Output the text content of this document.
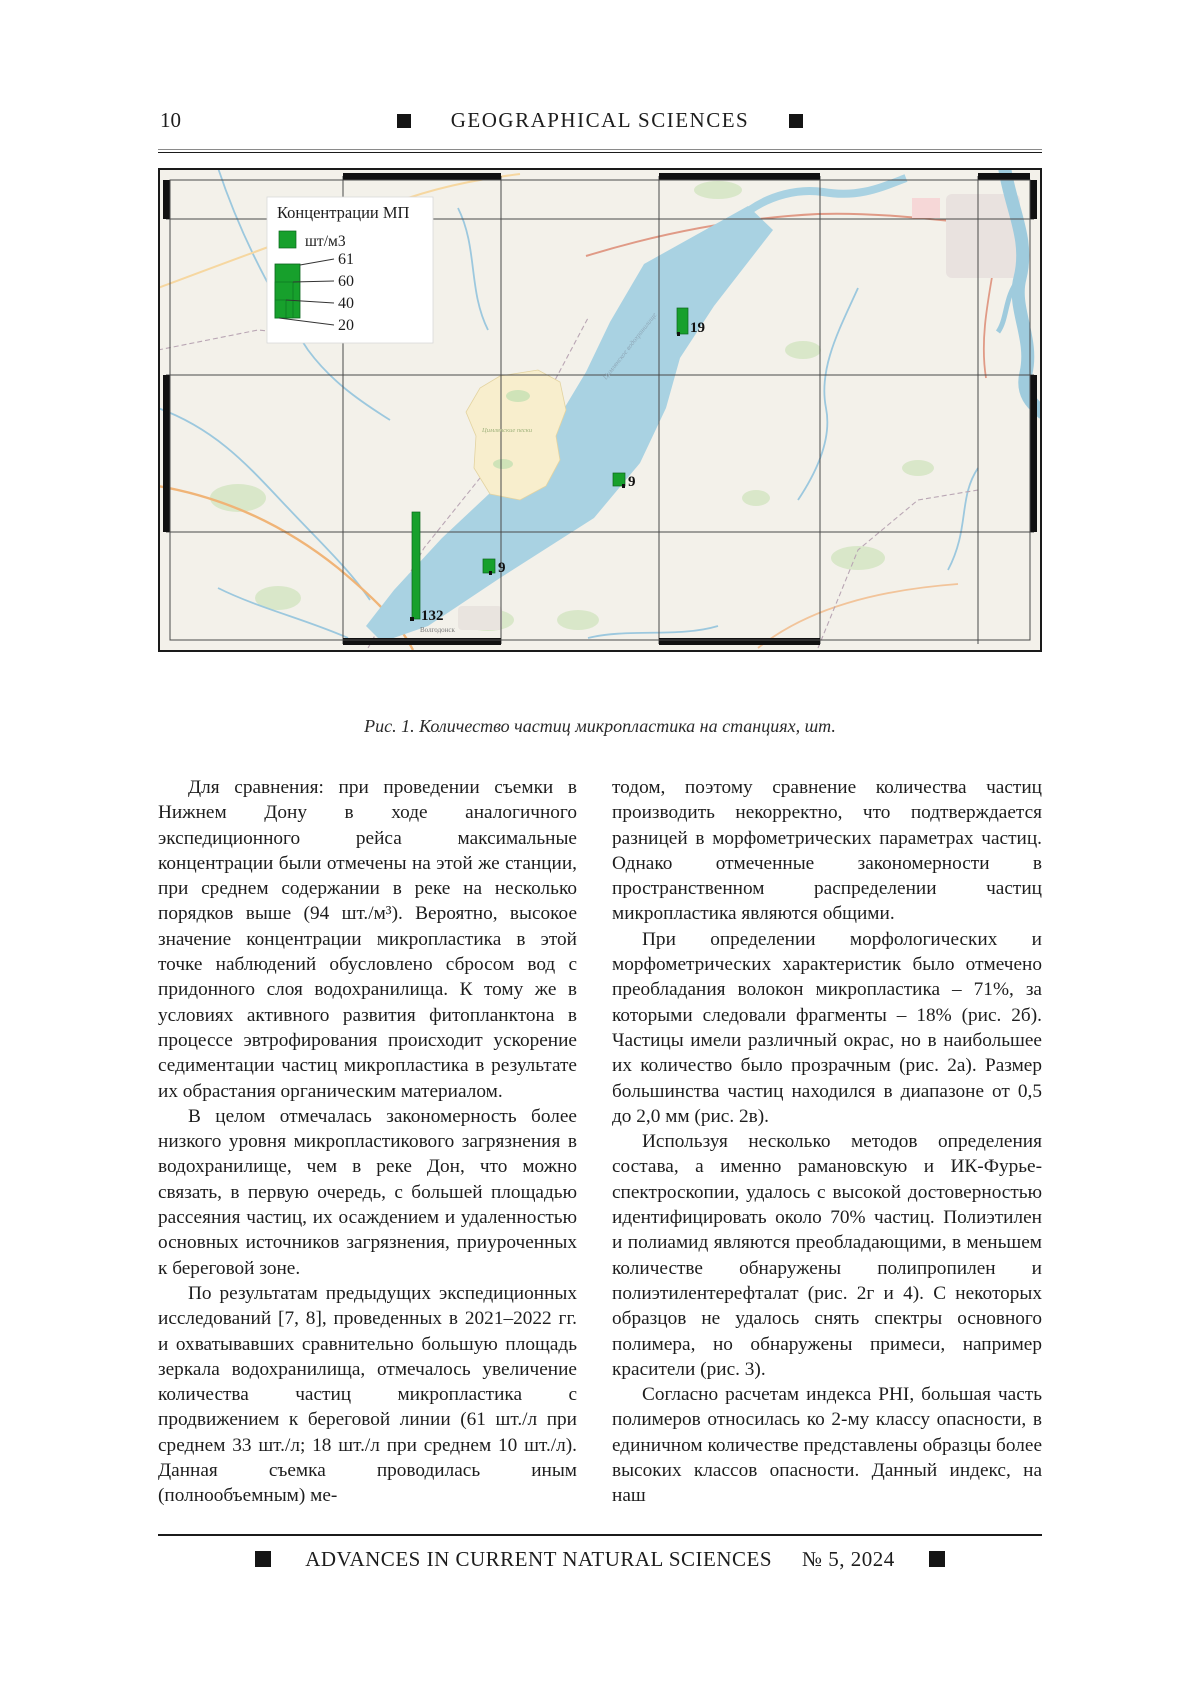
10	GEOGRAPHICAL SCIENCES
Цимлянское водохранилище
Цимлянские пески
Волгодонск
Концентрации МП
шт/м3
61
60
40
20	19
9
9
132
Рис. 1. Количество частиц микропластика на станциях, шт.

Для сравнения: при проведении съемки в Нижнем Дону в ходе аналогичного экспедиционного рейса максимальные концентрации были отмечены на этой же станции, при среднем содержании в реке на несколько порядков выше (94 шт./м³). Вероятно, высокое значение концентрации микропластика в этой точке наблюдений обусловлено сбросом вод с придонного слоя водохранилища. К тому же в условиях активного развития фитопланктона в процессе эвтрофирования происходит ускорение седиментации частиц микропластика в результате их обрастания органическим материалом.

В целом отмечалась закономерность более низкого уровня микропластикового загрязнения в водохранилище, чем в реке Дон, что можно связать, в первую очередь, с большей площадью рассеяния частиц, их осаждением и удаленностью основных источников загрязнения, приуроченных к береговой зоне.

По результатам предыдущих экспедиционных исследований [7, 8], проведенных в 2021–2022 гг. и охватывавших сравнительно большую площадь зеркала водохранилища, отмечалось увеличение количества частиц микропластика с продвижением к береговой линии (61 шт./л при среднем 33 шт./л; 18 шт./л при среднем 10 шт./л). Данная съемка проводилась иным (полнообъемным) ме-

тодом, поэтому сравнение количества частиц производить некорректно, что подтверждается разницей в морфометрических параметрах частиц. Однако отмеченные закономерности в пространственном распределении частиц микропластика являются общими.

При определении морфологических и морфометрических характеристик было отмечено преобладания волокон микропластика – 71%, за которыми следовали фрагменты – 18% (рис. 2б). Частицы имели различный окрас, но в наибольшее их количество было прозрачным (рис. 2а). Размер большинства частиц находился в диапазоне от 0,5 до 2,0 мм (рис. 2в).

Используя несколько методов определения состава, а именно рамановскую и ИК-Фурье-спектроскопии, удалось с высокой достоверностью идентифицировать около 70% частиц. Полиэтилен и полиамид являются преобладающими, в меньшем количестве обнаружены полипропилен и полиэтилентерефталат (рис. 2г и 4). С некоторых образцов не удалось снять спектры основного полимера, но обнаружены примеси, например красители (рис. 3).

Согласно расчетам индекса PHI, большая часть полимеров относилась ко 2-му классу опасности, в единичном количестве представлены образцы более высоких классов опасности. Данный индекс, на наш

ADVANCES IN CURRENT NATURAL SCIENCES № 5, 2024
